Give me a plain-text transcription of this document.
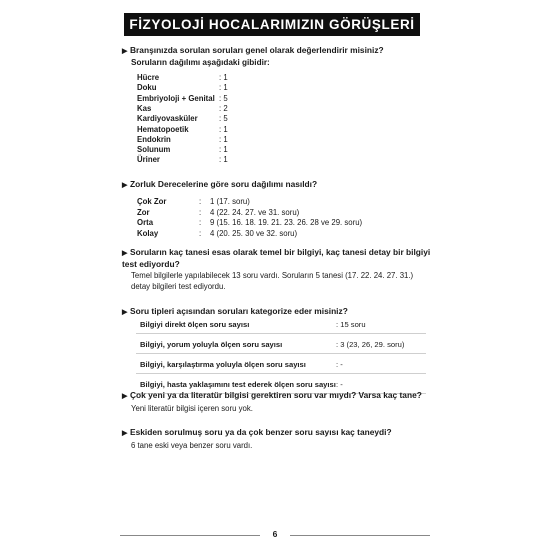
FİZYOLOJİ HOCALARIMIZIN GÖRÜŞLERİ
▶ Branşınızda sorulan soruları genel olarak değerlendirir misiniz?
Soruların dağılımı aşağıdaki gibidir:
Hücre	: 1
Doku	: 1
Embriyoloji + Genital : 5
Kas	: 2
Kardiyovasküler	: 5
Hematopoetik	: 1
Endokrin	: 1
Solunum	: 1
Üriner	: 1
▶ Zorluk Derecelerine göre soru dağılımı nasıldı?
Çok Zor	: 1 (17. soru)
Zor	: 4 (22. 24. 27. ve 31. soru)
Orta	: 9 (15. 16. 18. 19. 21. 23. 26. 28 ve 29. soru)
Kolay	: 4 (20. 25. 30 ve 32. soru)
▶ Soruların kaç tanesi esas olarak temel bir bilgiyi, kaç tanesi detay bir bilgiyi test ediyordu?
Temel bilgilerle yapılabilecek 13 soru vardı. Soruların 5 tanesi (17. 22. 24. 27. 31.) detay bilgileri test ediyordu.
▶ Soru tipleri açısından soruları kategorize eder misiniz?
Bilgiyi direkt ölçen soru sayısı	: 15 soru
Bilgiyi, yorum yoluyla ölçen soru sayısı	: 3 (23, 26, 29. soru)
Bilgiyi, karşılaştırma yoluyla ölçen soru sayısı	: -
Bilgiyi, hasta yaklaşımını test ederek ölçen soru sayısı : -
▶ Çok yeni ya da literatür bilgisi gerektiren soru var mıydı? Varsa kaç tane?
Yeni literatür bilgisi içeren soru yok.
▶ Eskiden sorulmuş soru ya da çok benzer soru sayısı kaç taneydi?
6 tane eski veya benzer soru vardı.
6
